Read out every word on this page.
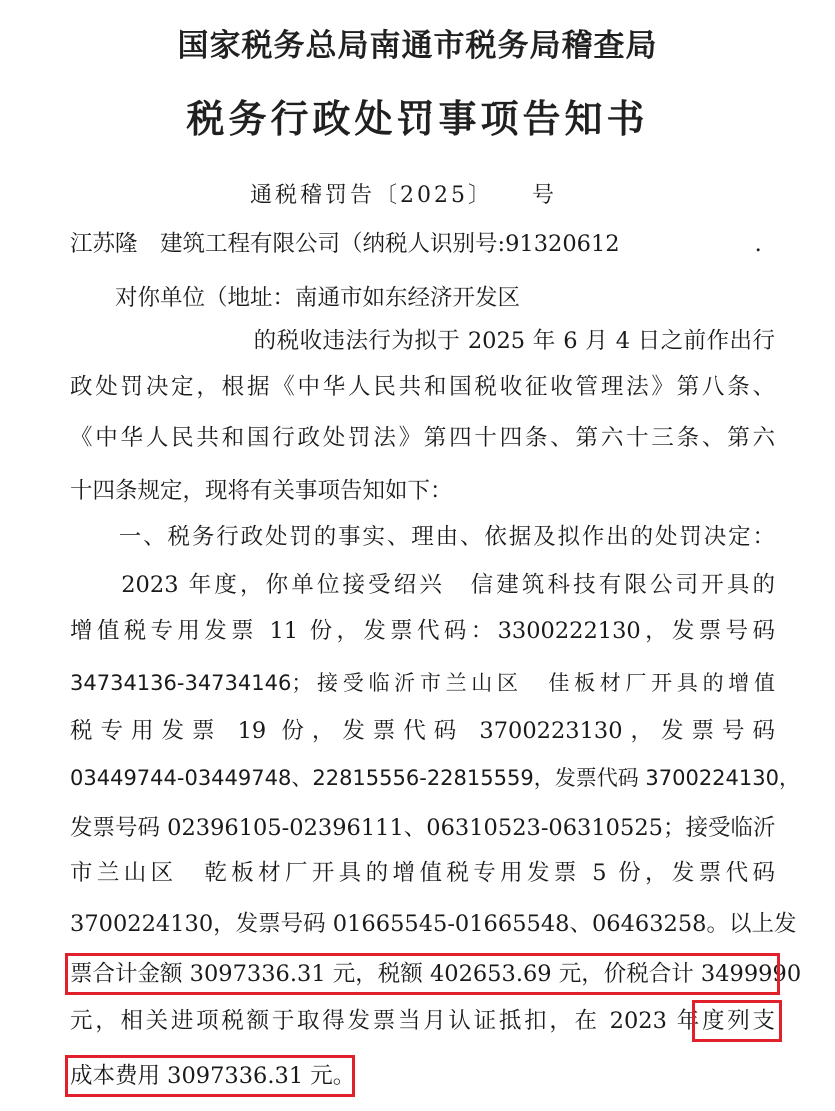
国家税务总局南通市税务局稽查局
税务行政处罚事项告知书
通税稽罚告〔2025〕　　号
江苏隆　建筑工程有限公司（纳税人识别号:91320612　　　　　　.
　　对你单位（地址：南通市如东经济开发区
　　　　　　　　的税收违法行为拟于 2025 年 6 月 4 日之前作出行
政处罚决定，根据《中华人民共和国税收征收管理法》第八条、
《中华人民共和国行政处罚法》第四十四条、第六十三条、第六
十四条规定，现将有关事项告知如下：
　　一、税务行政处罚的事实、理由、依据及拟作出的处罚决定：
　　2023 年度，你单位接受绍兴　信建筑科技有限公司开具的
增值税专用发票 11 份，发票代码：3300222130，发票号码
34734136-34734146；接受临沂市兰山区　佳板材厂开具的增值
税专用发票 19 份，发票代码 3700223130，发票号码
03449744-03449748、22815556-22815559，发票代码 3700224130，
发票号码 02396105-02396111、06310523-06310525；接受临沂
市兰山区　乾板材厂开具的增值税专用发票 5 份，发票代码
3700224130，发票号码 01665545-01665548、06463258。以上发
票合计金额 3097336.31 元，税额 402653.69 元，价税合计 3499990
元，相关进项税额于取得发票当月认证抵扣，在 2023 年度列支
成本费用 3097336.31 元。
